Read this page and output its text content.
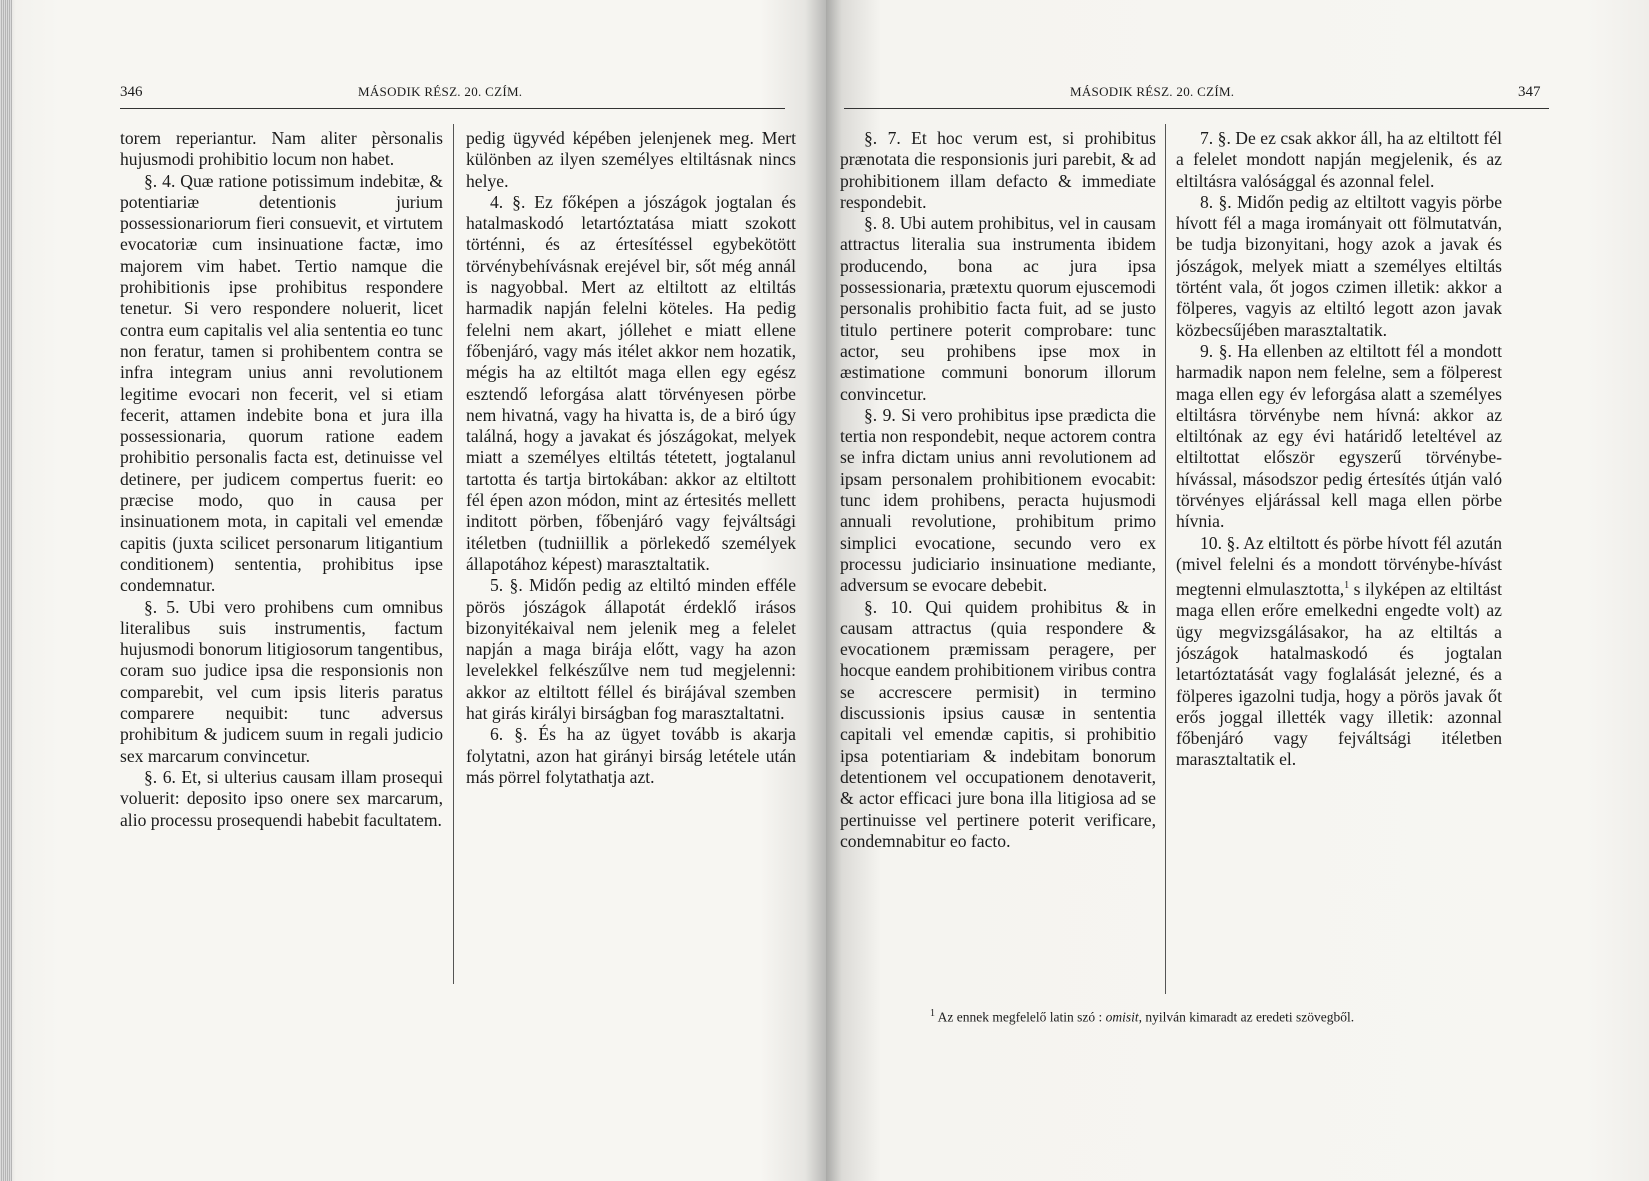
346	MÁSODIK RÉSZ. 20. CZÍM.

torem reperiantur. Nam aliter pèrsonalis hujusmodi prohibitio locum non habet.

§. 4. Quæ ratione potissimum indebitæ, & potentiariæ detentionis jurium possessionariorum fieri consuevit, et virtutem evocatoriæ cum insinuatione factæ, imo majorem vim habet. Tertio namque die prohibitionis ipse prohibitus respondere tenetur. Si vero respondere noluerit, licet contra eum capitalis vel alia sententia eo tunc non feratur, tamen si prohibentem contra se infra integram unius anni revolutionem legitime evocari non fecerit, vel si etiam fecerit, attamen indebite bona et jura illa possessionaria, quorum ratione eadem prohibitio personalis facta est, detinuisse vel detinere, per judicem compertus fuerit: eo præcise modo, quo in causa per insinuationem mota, in capitali vel emendæ capitis (juxta scilicet personarum litigantium conditionem) sententia, prohibitus ipse condemnatur.

§. 5. Ubi vero prohibens cum omnibus literalibus suis instrumentis, factum hujusmodi bonorum litigiosorum tangentibus, coram suo judice ipsa die responsionis non comparebit, vel cum ipsis literis paratus comparere nequibit: tunc adversus prohibitum & judicem suum in regali judicio sex marcarum convincetur.

§. 6. Et, si ulterius causam illam prosequi voluerit: deposito ipso onere sex marcarum, alio processu prosequendi habebit facultatem.

pedig ügyvéd képében jelenjenek meg. Mert különben az ilyen személyes eltiltásnak nincs helye.

4. §. Ez főképen a jószágok jogtalan és hatalmaskodó letartóztatása miatt szokott történni, és az értesítéssel egybekötött törvénybehívásnak erejével bir, sőt még annál is nagyobbal. Mert az eltiltott az eltiltás harmadik napján felelni köteles. Ha pedig felelni nem akart, jóllehet e miatt ellene főbenjáró, vagy más itélet akkor nem hozatik, mégis ha az eltiltót maga ellen egy egész esztendő leforgása alatt törvényesen pörbe nem hivatná, vagy ha hivatta is, de a biró úgy találná, hogy a javakat és jószágokat, melyek miatt a személyes eltiltás tétetett, jogtalanul tartotta és tartja birtokában: akkor az eltiltott fél épen azon módon, mint az értesités mellett inditott pörben, főbenjáró vagy fejváltsági itéletben (tudniillik a pörlekedő személyek állapotához képest) marasztaltatik.

5. §. Midőn pedig az eltiltó minden efféle pörös jószágok állapotát érdeklő irásos bizonyitékaival nem jelenik meg a felelet napján a maga birája előtt, vagy ha azon levelekkel felkészűlve nem tud megjelenni: akkor az eltiltott féllel és birájával szemben hat girás királyi birságban fog marasztaltatni.

6. §. És ha az ügyet tovább is akarja folytatni, azon hat girányi birság letétele után más pörrel folytathatja azt.

MÁSODIK RÉSZ. 20. CZÍM.	347

§. 7. Et hoc verum est, si prohibitus prænotata die responsionis juri parebit, & ad prohibitionem illam defacto & immediate respondebit.

§. 8. Ubi autem prohibitus, vel in causam attractus literalia sua instrumenta ibidem producendo, bona ac jura ipsa possessionaria, prætextu quorum ejuscemodi personalis prohibitio facta fuit, ad se justo titulo pertinere poterit comprobare: tunc actor, seu prohibens ipse mox in æstimatione communi bonorum illorum convincetur.

§. 9. Si vero prohibitus ipse prædicta die tertia non respondebit, neque actorem contra se infra dictam unius anni revolutionem ad ipsam personalem prohibitionem evocabit: tunc idem prohibens, peracta hujusmodi annuali revolutione, prohibitum primo simplici evocatione, secundo vero ex processu judiciario insinuatione mediante, adversum se evocare debebit.

§. 10. Qui quidem prohibitus & in causam attractus (quia respondere & evocationem præmissam peragere, per hocque eandem prohibitionem viribus contra se accrescere permisit) in termino discussionis ipsius causæ in sententia capitali vel emendæ capitis, si prohibitio ipsa potentiariam & indebitam bonorum detentionem vel occupationem denotaverit, & actor efficaci jure bona illa litigiosa ad se pertinuisse vel pertinere poterit verificare, condemnabitur eo facto.

7. §. De ez csak akkor áll, ha az eltiltott fél a felelet mondott napján megjelenik, és az eltiltásra valósággal és azonnal felel.

8. §. Midőn pedig az eltiltott vagyis pörbe hívott fél a maga irományait ott fölmutatván, be tudja bizonyitani, hogy azok a javak és jószágok, melyek miatt a személyes eltiltás történt vala, őt jogos czimen illetik: akkor a fölperes, vagyis az eltiltó legott azon javak közbecsűjében marasztaltatik.

9. §. Ha ellenben az eltiltott fél a mondott harmadik napon nem felelne, sem a fölperest maga ellen egy év leforgása alatt a személyes eltiltásra törvénybe nem hívná: akkor az eltiltónak az egy évi határidő leteltével az eltiltottat először egyszerű törvénybe-hívással, másodszor pedig értesítés útján való törvényes eljárással kell maga ellen pörbe hívnia.

10. §. Az eltiltott és pörbe hívott fél azután (mivel felelni és a mondott törvénybe-hívást megtenni elmulasztotta,$^1$ s ilyképen az eltiltást maga ellen erőre emelkedni engedte volt) az ügy megvizsgálásakor, ha az eltiltás a jószágok hatalmaskodó és jogtalan letartóztatását vagy foglalását jelezné, és a fölperes igazolni tudja, hogy a pörös javak őt erős joggal illették vagy illetik: azonnal főbenjáró vagy fejváltsági itéletben marasztaltatik el.

$^1$ Az ennek megfelelő latin szó : omisit, nyilván kimaradt az eredeti szövegből.
